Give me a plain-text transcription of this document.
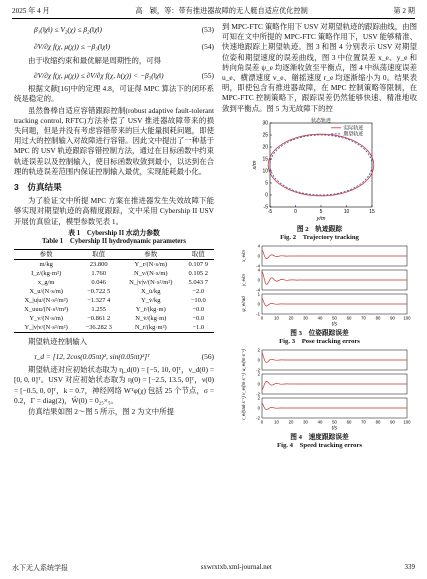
2025 年 4 月	高　颖，等：带有推进器故障的无人艇自适应优化控制	第 2 期
β₁(‖χ‖) ≤ V₂(χ) ≤ β₂(‖χ‖)	(53)
∂V/∂χ f(χ, μ(χ)) ≤ −β₃(‖χ‖)	(54)

由于收缩约束和最优解是周期性的，可得

∂V/∂χ f(χ, μ(χ)) ≤ ∂V/∂χ f(χ, h(χ)) < −β₃(‖χ‖)	(55)

根据文献[16]中的定理 4.8，可证得 MPC 算法下的闭环系统是稳定的。

虽然鲁棒自适应容错跟踪控制(robust adaptive fault-tolerant tracking control, RFTC)方法补偿了 USV 推进器故障带来的损失问题，但是并没有考虑容错带来的巨大能量损耗问题，即使用过大的控制输入对故障进行容错。因此文中提出了一种基于 MPC 的 USV 轨迹跟踪容错控制方法，通过在目标函数中约束轨迹误差以及控制输入，使目标函数收敛到最小，以达到在合理的轨迹误差范围内保证控制输入最优，实现能耗最小化。

3　仿真结果

为了验证文中所提 MPC 方案在推进器发生失效故障下能够实现对期望轨迹的高精度跟踪，文中采用 Cybership II USV 开展仿真验证，模型参数见表 1。

表 1　Cybership II 水动力参数
Table 1　Cybership II hydrodynamic parameters
参数	取值	参数	取值
m/kg	23.800	Y_r/(N·s/m)	0.107 9
I_z/(kg·m²)	1.760	N_v/(N·s/m)	0.105 2
x_g/m	0.046	N_|v|v/(N·s²/m²)	5.043 7
X_u/(N·s/m)	−0.722 5	X_u̇/kg	−2.0
X_|u|u/(N·s²/m²)	−1.327 4	Y_v̇/kg	−10.0
X_uuu/(N·s³/m³)	1.255	Y_ṙ/(kg·m)	−0.0
Y_v/(N·s/m)	−0.861 2	N_v̇/(kg·m)	−0.0
Y_|v|v/(N·s²/m²)	−36.282 3	N_ṙ/(kg·m²)	−1.0

期望轨迹控制输入

τ_d = [12, 2cos(0.05πt)², sin(0.05πt)²]ᵀ	(56)

期望轨迹对应初始状态取为 η_d(0) = [−5, 10, 0]ᵀ，ν_d(0) = [0, 0, 0]ᵀ。USV 对应初始状态取为 η(0) = [−2.5, 13.5, 0]ᵀ，ν(0) = [−0.5, 0, 0]ᵀ，k = 0.7，神经网络 Wᵀφ(χ) 包括 25 个节点，σ = 0.2，Γ = diag(2)，Ŵ(0) = 0₂₅×₅。

仿真结果如图 2～图 5 所示，图 2 为文中所提

到 MPC-FTC 策略作用下 USV 对期望轨迹的跟踪曲线，由图可知在文中所提的 MPC-FTC 策略作用下，USV 能够精准、快速地跟踪上期望轨迹。图 3 和图 4 分别表示 USV 对期望位姿和期望速度的误差曲线，图 3 中位置误差 x_e、y_e 和转向角误差 ψ_e 均逐渐收敛至平衡点，图 4 中纵荡速度误差 u_e、横漂速度 v_e、艏摇速度 r_e 均逐渐缩小为 0。结果表明，即使包含有推进器故障，在 MPC 控制策略等限制，在 MPC-FTC 控制策略下，跟踪误差仍然能够快速、精准地收敛到平衡点。图 5 为无故障下的控

-5	0	5	10	15
-5
0
5
10
15
20
25
30
y/m
x/m
状态轨迹
实际轨迹
期望轨迹
图 2　轨迹跟踪
Fig. 2　Trajectory tracking
-4
0
4
x_e/m
-4
0
4
y_e/m
-1
0
1
ψ_e/rad
0	10 20 30 40 50 60 70 80 90 100
t/s
图 3　位姿跟踪误差
Fig. 3　Pose tracking errors
-2
0
2
u_e/(m·s⁻¹)
-2
0
2
v_e/(m·s⁻¹)
-2
0
2
r_e/(rad·s⁻¹)
0	10 20 30 40 50 60 70 80 90 100
t/s
图 4　速度跟踪误差
Fig. 4　Speed tracking errors
水下无人系统学报	sxwrxtxb.xml-journal.net	339
